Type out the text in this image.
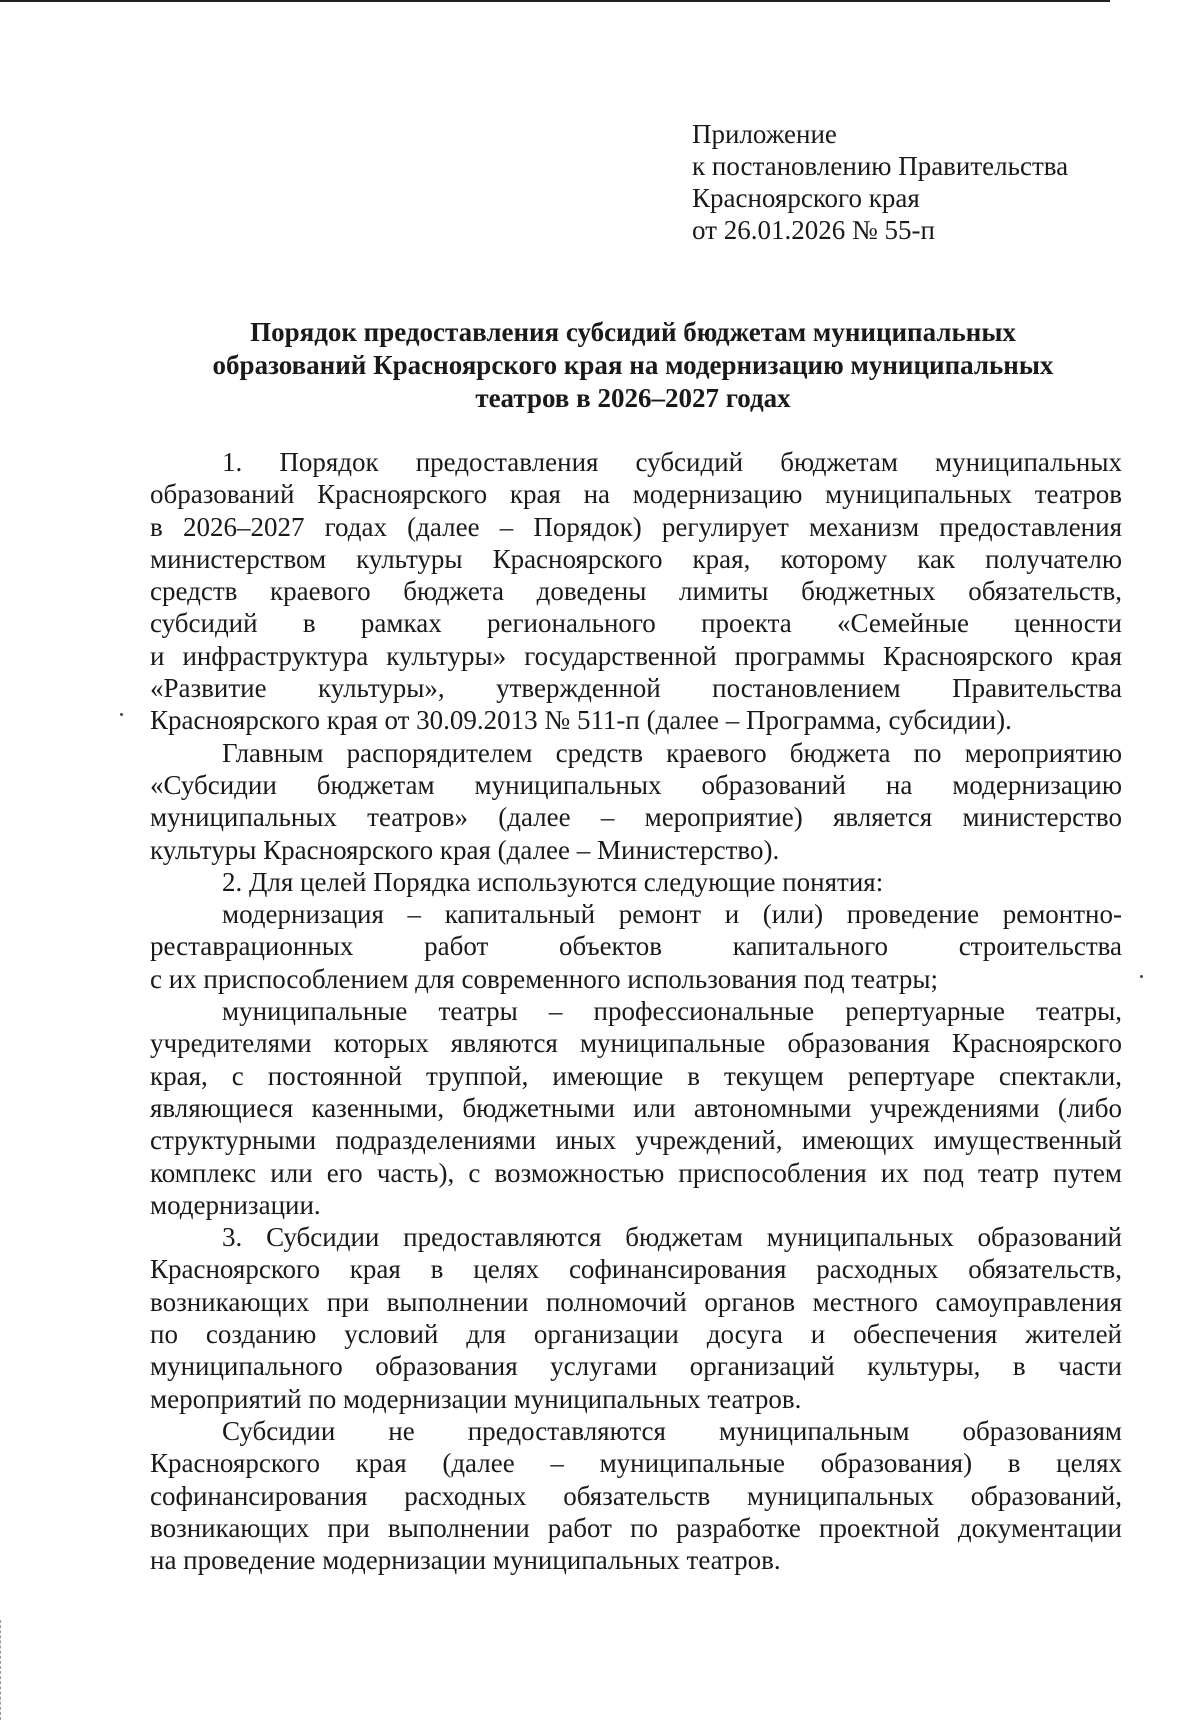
Приложение
к постановлению Правительства
Красноярского края
от 26.01.2026 № 55-п
Порядок предоставления субсидий бюджетам муниципальных
образований Красноярского края на модернизацию муниципальных
театров в 2026–2027 годах
1. Порядок предоставления субсидий бюджетам муниципальных
образований Красноярского края на модернизацию муниципальных театров
в 2026–2027 годах (далее – Порядок) регулирует механизм предоставления
министерством культуры Красноярского края, которому как получателю
средств краевого бюджета доведены лимиты бюджетных обязательств,
субсидий в рамках регионального проекта «Семейные ценности
и инфраструктура культуры» государственной программы Красноярского края
«Развитие культуры», утвержденной постановлением Правительства
Красноярского края от 30.09.2013 № 511-п (далее – Программа, субсидии).
Главным распорядителем средств краевого бюджета по мероприятию
«Субсидии бюджетам муниципальных образований на модернизацию
муниципальных театров» (далее – мероприятие) является министерство
культуры Красноярского края (далее – Министерство).
2. Для целей Порядка используются следующие понятия:
модернизация – капитальный ремонт и (или) проведение ремонтно-
реставрационных работ объектов капитального строительства
с их приспособлением для современного использования под театры;
муниципальные театры – профессиональные репертуарные театры,
учредителями которых являются муниципальные образования Красноярского
края, с постоянной труппой, имеющие в текущем репертуаре спектакли,
являющиеся казенными, бюджетными или автономными учреждениями (либо
структурными подразделениями иных учреждений, имеющих имущественный
комплекс или его часть), с возможностью приспособления их под театр путем
модернизации.
3. Субсидии предоставляются бюджетам муниципальных образований
Красноярского края в целях софинансирования расходных обязательств,
возникающих при выполнении полномочий органов местного самоуправления
по созданию условий для организации досуга и обеспечения жителей
муниципального образования услугами организаций культуры, в части
мероприятий по модернизации муниципальных театров.
Субсидии не предоставляются муниципальным образованиям
Красноярского края (далее – муниципальные образования) в целях
софинансирования расходных обязательств муниципальных образований,
возникающих при выполнении работ по разработке проектной документации
на проведение модернизации муниципальных театров.
